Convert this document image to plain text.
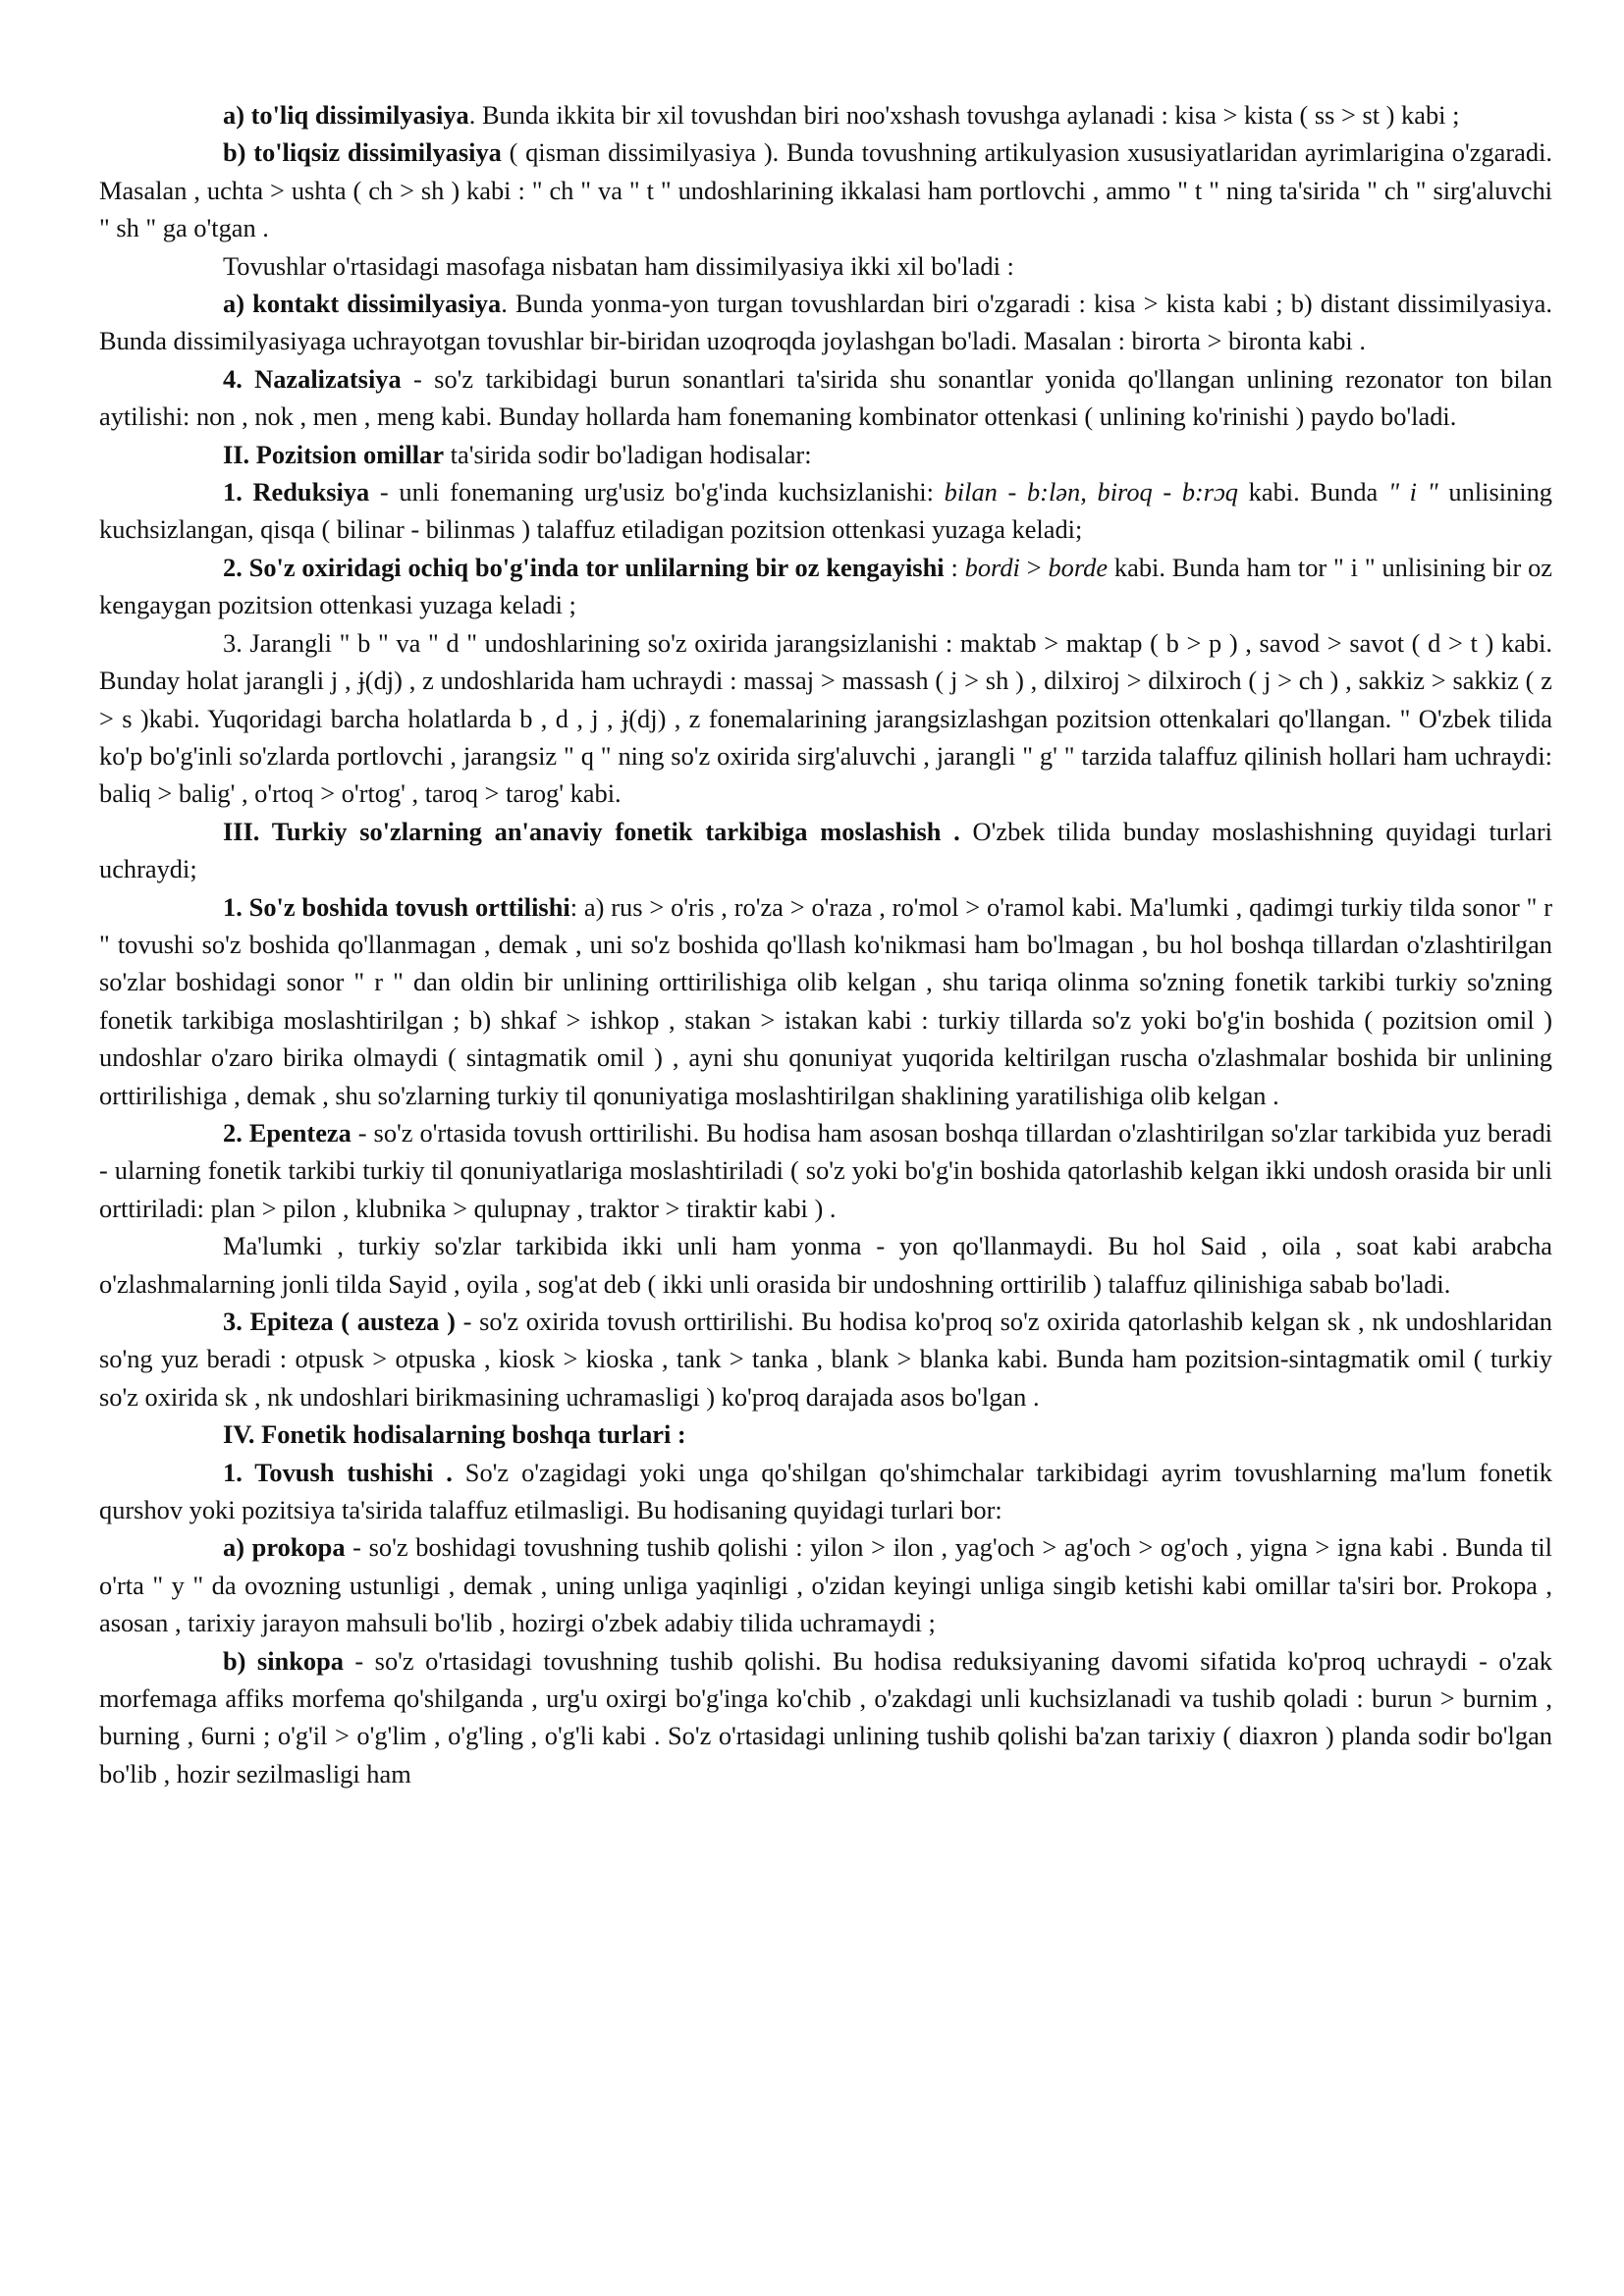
a) to'liq dissimilyasiya. Bunda ikkita bir xil tovushdan biri noo'xshash tovushga aylanadi : kisa > kista ( ss > st ) kabi ;

b) to'liqsiz dissimilyasiya ( qisman dissimilyasiya ). Bunda tovushning artikulyasion xususiyatlaridan ayrimlarigina o'zgaradi. Masalan , uchta > ushta ( ch > sh ) kabi : " ch " va " t " undoshlarining ikkalasi ham portlovchi , ammo " t " ning ta'sirida " ch " sirg'aluvchi " sh " ga o'tgan .

Tovushlar o'rtasidagi masofaga nisbatan ham dissimilyasiya ikki xil bo'ladi :

a) kontakt dissimilyasiya. Bunda yonma-yon turgan tovushlardan biri o'zgaradi : kisa > kista kabi ; b) distant dissimilyasiya. Bunda dissimilyasiyaga uchrayotgan tovushlar bir-biridan uzoqroqda joylashgan bo'ladi. Masalan : birorta > bironta kabi .

4. Nazalizatsiya - so'z tarkibidagi burun sonantlari ta'sirida shu sonantlar yonida qo'llangan unlining rezonator ton bilan aytilishi: non , nok , men , meng kabi. Bunday hollarda ham fonemaning kombinator ottenkasi ( unlining ko'rinishi ) paydo bo'ladi.

II. Pozitsion omillar ta'sirida sodir bo'ladigan hodisalar:

1. Reduksiya - unli fonemaning urg'usiz bo'g'inda kuchsizlanishi: bilan - b:lǝn, biroq - b:rɔq kabi. Bunda " i " unlisining kuchsizlangan, qisqa ( bilinar - bilinmas ) talaffuz etiladigan pozitsion ottenkasi yuzaga keladi;

2. So'z oxiridagi ochiq bo'g'inda tor unlilarning bir oz kengayishi : bordi > borde kabi. Bunda ham tor " i " unlisining bir oz kengaygan pozitsion ottenkasi yuzaga keladi ;

3. Jarangli " b " va " d " undoshlarining so'z oxirida jarangsizlanishi : maktab > maktap ( b > p ) , savod > savot ( d > t ) kabi. Bunday holat jarangli j , ɉ(dj) , z undoshlarida ham uchraydi : massaj > massash ( j > sh ) , dilxiroj > dilxiroch ( j > ch ) , sakkiz > sakkiz ( z > s )kabi. Yuqoridagi barcha holatlarda b , d , j , ɉ(dj) , z fonemalarining jarangsizlashgan pozitsion ottenkalari qo'llangan. " O'zbek tilida ko'p bo'g'inli so'zlarda portlovchi , jarangsiz " q " ning so'z oxirida sirg'aluvchi , jarangli " g' " tarzida talaffuz qilinish hollari ham uchraydi: baliq > balig' , o'rtoq > o'rtog' , taroq > tarog' kabi.

III. Turkiy so'zlarning an'anaviy fonetik tarkibiga moslashish . O'zbek tilida bunday moslashishning quyidagi turlari uchraydi;

1. So'z boshida tovush orttilishi: a) rus > o'ris , ro'za > o'raza , ro'mol > o'ramol kabi. Ma'lumki , qadimgi turkiy tilda sonor " r " tovushi so'z boshida qo'llanmagan , demak , uni so'z boshida qo'llash ko'nikmasi ham bo'lmagan , bu hol boshqa tillardan o'zlashtirilgan so'zlar boshidagi sonor " r " dan oldin bir unlining orttirilishiga olib kelgan , shu tariqa olinma so'zning fonetik tarkibi turkiy so'zning fonetik tarkibiga moslashtirilgan ; b) shkaf > ishkop , stakan > istakan kabi : turkiy tillarda so'z yoki bo'g'in boshida ( pozitsion omil ) undoshlar o'zaro birika olmaydi ( sintagmatik omil ) , ayni shu qonuniyat yuqorida keltirilgan ruscha o'zlashmalar boshida bir unlining orttirilishiga , demak , shu so'zlarning turkiy til qonuniyatiga moslashtirilgan shaklining yaratilishiga olib kelgan .

2. Epenteza - so'z o'rtasida tovush orttirilishi. Bu hodisa ham asosan boshqa tillardan o'zlashtirilgan so'zlar tarkibida yuz beradi - ularning fonetik tarkibi turkiy til qonuniyatlariga moslashtiriladi ( so'z yoki bo'g'in boshida qatorlashib kelgan ikki undosh orasida bir unli orttiriladi: plan > pilon , klubnika > qulupnay , traktor > tiraktir kabi ) .

Ma'lumki , turkiy so'zlar tarkibida ikki unli ham yonma - yon qo'llanmaydi. Bu hol Said , oila , soat kabi arabcha o'zlashmalarning jonli tilda Sayid , oyila , sog'at deb ( ikki unli orasida bir undoshning orttirilib ) talaffuz qilinishiga sabab bo'ladi.

3. Epiteza ( austeza ) - so'z oxirida tovush orttirilishi. Bu hodisa ko'proq so'z oxirida qatorlashib kelgan sk , nk undoshlaridan so'ng yuz beradi : otpusk > otpuska , kiosk > kioska , tank > tanka , blank > blanka kabi. Bunda ham pozitsion-sintagmatik omil ( turkiy so'z oxirida sk , nk undoshlari birikmasining uchramasligi ) ko'proq darajada asos bo'lgan .

IV. Fonetik hodisalarning boshqa turlari :

1. Tovush tushishi . So'z o'zagidagi yoki unga qo'shilgan qo'shimchalar tarkibidagi ayrim tovushlarning ma'lum fonetik qurshov yoki pozitsiya ta'sirida talaffuz etilmasligi. Bu hodisaning quyidagi turlari bor:

a) prokopa - so'z boshidagi tovushning tushib qolishi : yilon > ilon , yag'och > ag'och > og'och , yigna > igna kabi . Bunda til o'rta " y " da ovozning ustunligi , demak , uning unliga yaqinligi , o'zidan keyingi unliga singib ketishi kabi omillar ta'siri bor. Prokopa , asosan , tarixiy jarayon mahsuli bo'lib , hozirgi o'zbek adabiy tilida uchramaydi ;

b) sinkopa - so'z o'rtasidagi tovushning tushib qolishi. Bu hodisa reduksiyaning davomi sifatida ko'proq uchraydi - o'zak morfemaga affiks morfema qo'shilganda , urg'u oxirgi bo'g'inga ko'chib , o'zakdagi unli kuchsizlanadi va tushib qoladi : burun > burnim , burning , 6urni ; o'g'il > o'g'lim , o'g'ling , o'g'li kabi . So'z o'rtasidagi unlining tushib qolishi ba'zan tarixiy ( diaxron ) planda sodir bo'lgan bo'lib , hozir sezilmasligi ham
